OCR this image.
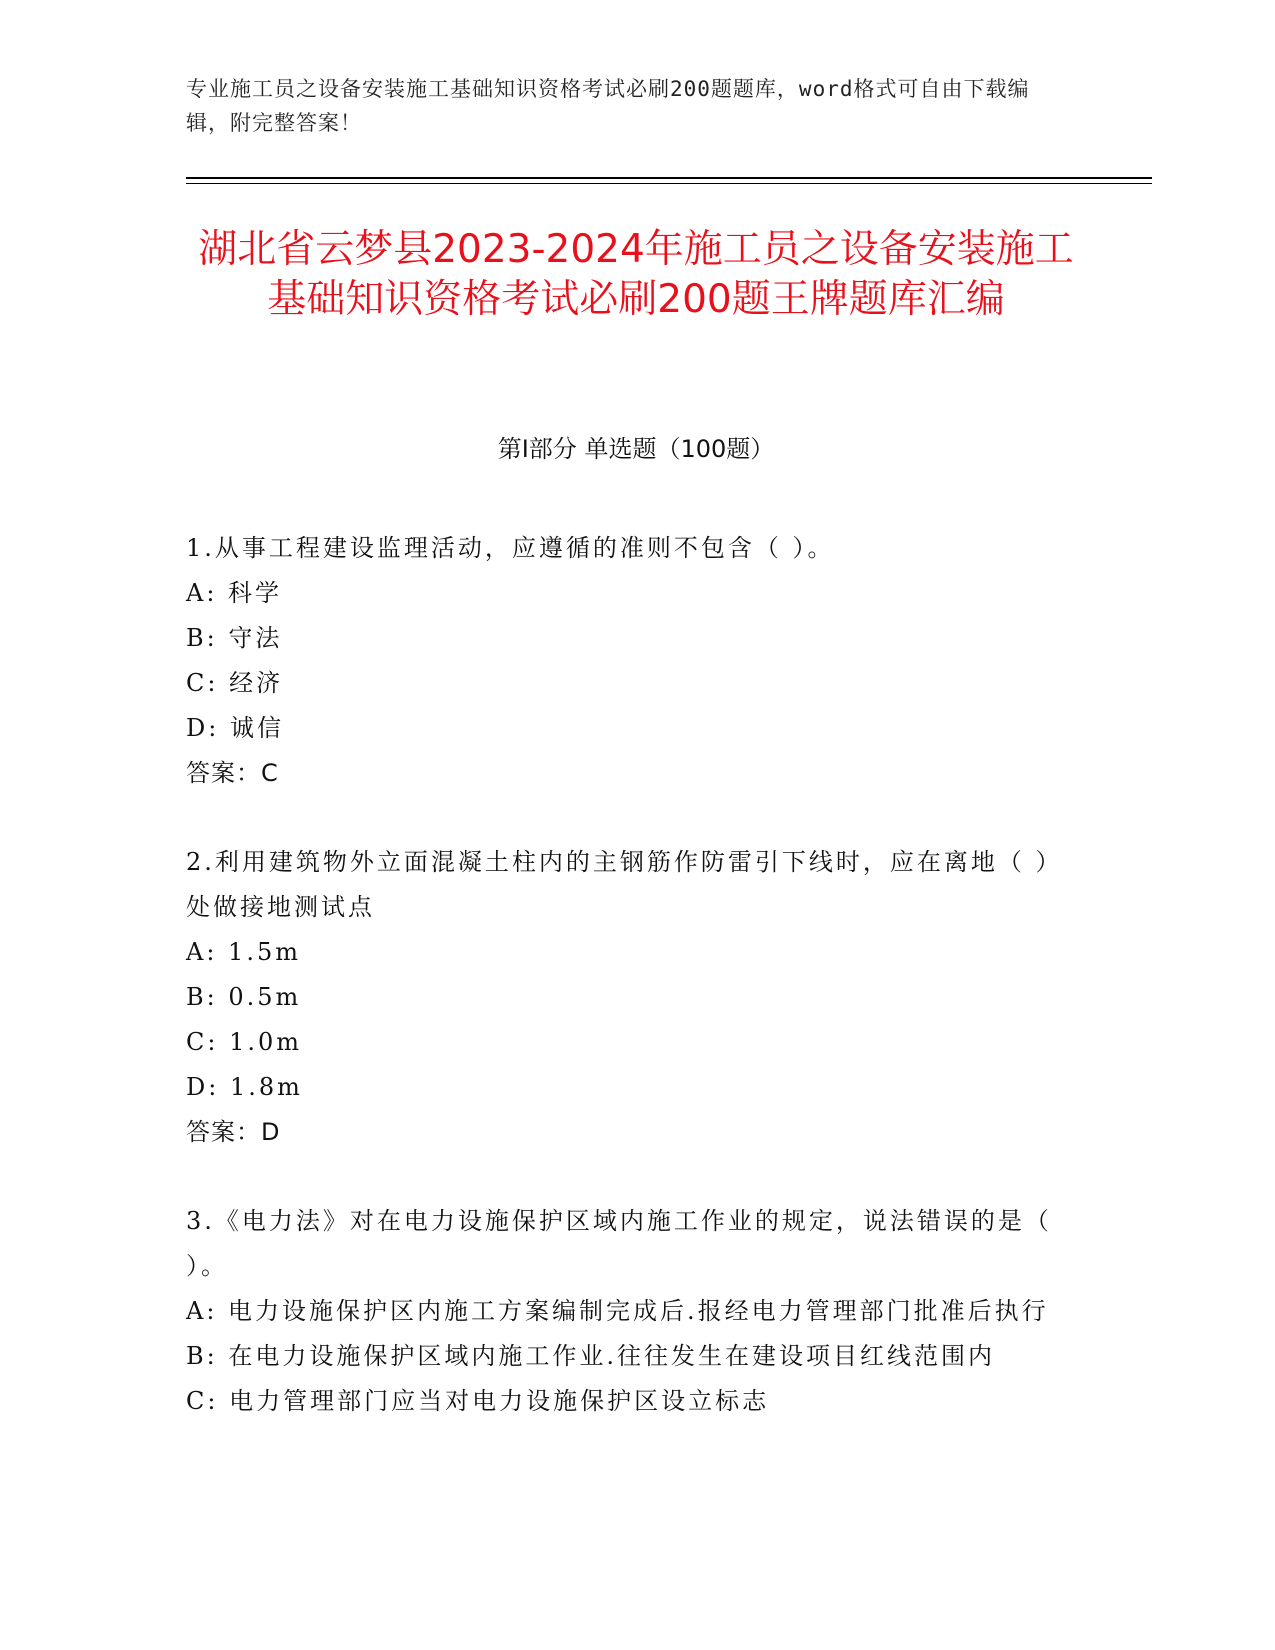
专业施工员之设备安装施工基础知识资格考试必刷200题题库，word格式可自由下载编辑，附完整答案！
湖北省云梦县2023-2024年施工员之设备安装施工基础知识资格考试必刷200题王牌题库汇编
第Ⅰ部分 单选题（100题）
1.从事工程建设监理活动，应遵循的准则不包含（ ）。
A: 科学
B: 守法
C: 经济
D: 诚信
答案：C
2.利用建筑物外立面混凝土柱内的主钢筋作防雷引下线时，应在离地（ ）处做接地测试点
A: 1.5m
B: 0.5m
C: 1.0m
D: 1.8m
答案：D
3.《电力法》对在电力设施保护区域内施工作业的规定，说法错误的是（ ）。
A: 电力设施保护区内施工方案编制完成后.报经电力管理部门批准后执行
B: 在电力设施保护区域内施工作业.往往发生在建设项目红线范围内
C: 电力管理部门应当对电力设施保护区设立标志
